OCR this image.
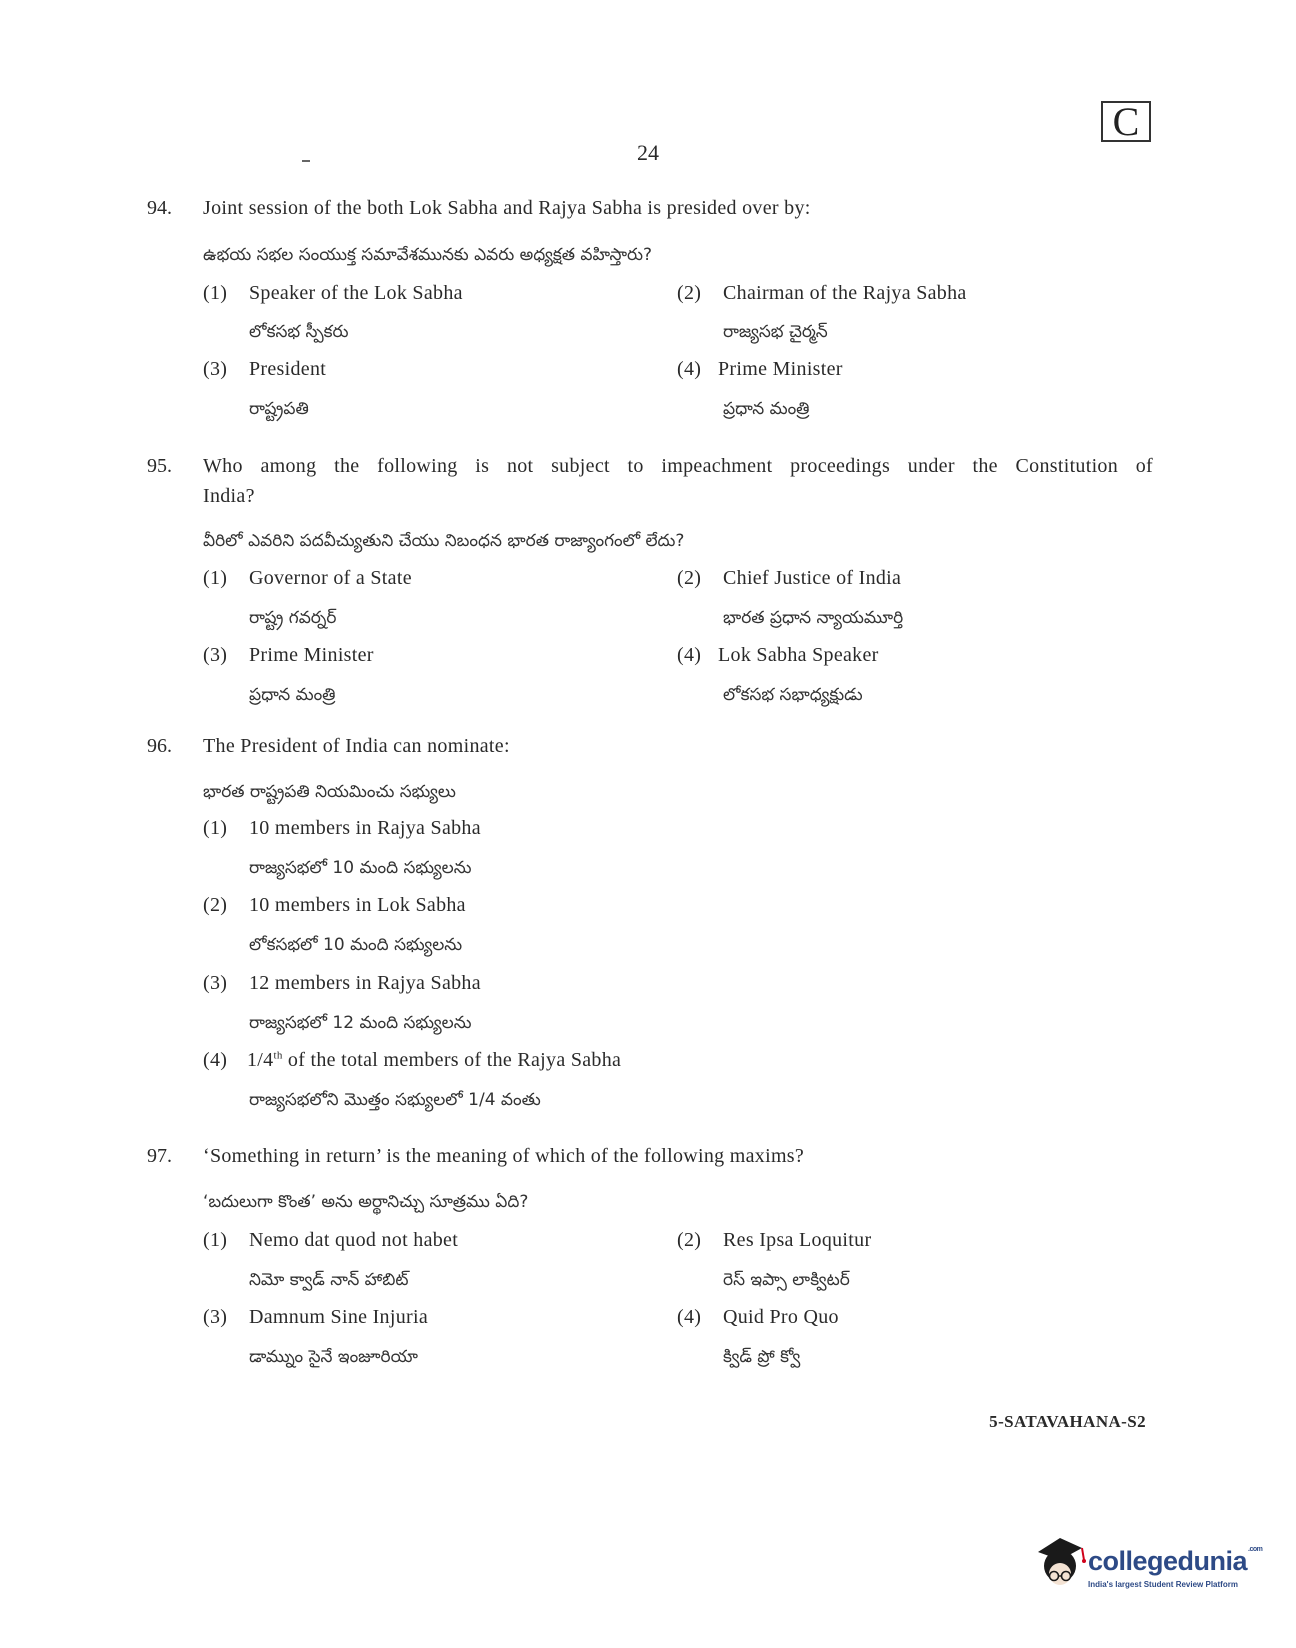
C
24
94. Joint session of the both Lok Sabha and Rajya Sabha is presided over by:
ఉభయ సభల సంయుక్త సమావేశమునకు ఎవరు అధ్యక్షత వహిస్తారు?
(1) Speaker of the Lok Sabha
లోకసభ స్పీకరు
(2) Chairman of the Rajya Sabha
రాజ్యసభ చైర్మన్
(3) President
రాష్ట్రపతి
(4) Prime Minister
ప్రధాన మంత్రి
95. Who among the following is not subject to impeachment proceedings under the Constitution of
India?
వీరిలో ఎవరిని పదవీచ్యుతుని చేయు నిబంధన భారత రాజ్యాంగంలో లేదు?
(1) Governor of a State
రాష్ట్ర గవర్నర్
(2) Chief Justice of India
భారత ప్రధాన న్యాయమూర్తి
(3) Prime Minister
ప్రధాన మంత్రి
(4) Lok Sabha Speaker
లోకసభ సభాధ్యక్షుడు
96. The President of India can nominate:
భారత రాష్ట్రపతి నియమించు సభ్యులు
(1) 10 members in Rajya Sabha
రాజ్యసభలో 10 మంది సభ్యులను
(2) 10 members in Lok Sabha
లోకసభలో 10 మంది సభ్యులను
(3) 12 members in Rajya Sabha
రాజ్యసభలో 12 మంది సభ్యులను
(4) 1/4th of the total members of the Rajya Sabha
రాజ్యసభలోని మొత్తం సభ్యులలో 1/4 వంతు
97. ‘Something in return’ is the meaning of which of the following maxims?
‘బదులుగా కొంత’ అను అర్థానిచ్చు సూత్రము ఏది?
(1) Nemo dat quod not habet
నిమో క్వాడ్ నాన్ హాబిట్
(2) Res Ipsa Loquitur
రెస్ ఇప్సా లాక్విటర్
(3) Damnum Sine Injuria
డామ్నుం సైనే ఇంజూరియా
(4) Quid Pro Quo
క్విడ్ ప్రో క్వో
5-SATAVAHANA-S2
collegedunia$^{.com}$
India's largest Student Review Platform
